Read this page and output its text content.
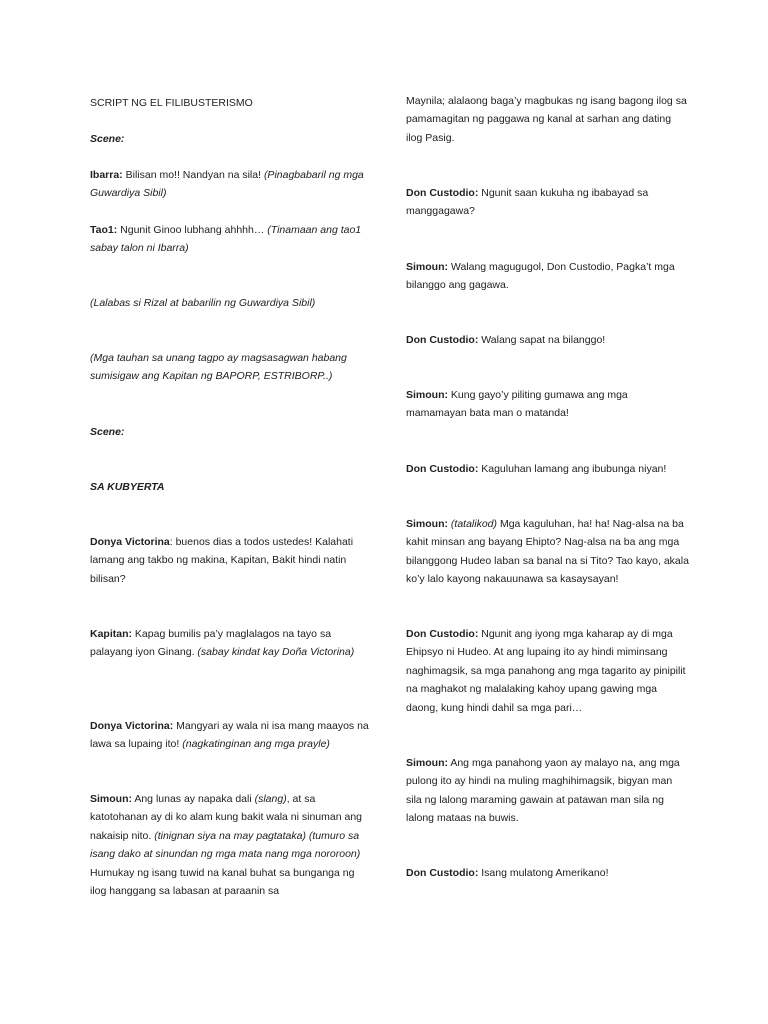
SCRIPT NG EL FILIBUSTERISMO

Scene:

Ibarra: Bilisan mo!! Nandyan na sila! (Pinagbabaril ng mga Guwardiya Sibil)

Tao1: Ngunit Ginoo lubhang ahhhh… (Tinamaan ang tao1 sabay talon ni Ibarra)

(Lalabas si Rizal at babarilin ng Guwardiya Sibil)

(Mga tauhan sa unang tagpo ay magsasagwan habang sumisigaw ang Kapitan ng BAPORP, ESTRIBORP..)

Scene:

SA KUBYERTA

Donya Victorina: buenos dias a todos ustedes! Kalahati lamang ang takbo ng makina, Kapitan, Bakit hindi natin bilisan?

Kapitan: Kapag bumilis pa’y maglalagos na tayo sa palayang iyon Ginang. (sabay kindat kay Doña Victorina)

Donya Victorina: Mangyari ay wala ni isa mang maayos na lawa sa lupaing ito! (nagkatinginan ang mga prayle)

Simoun: Ang lunas ay napaka dali (slang), at sa katotohanan ay di ko alam kung bakit wala ni sinuman ang nakaisip nito. (tinignan siya na may pagtataka) (tumuro sa isang dako at sinundan ng mga mata nang mga nororoon) Humukay ng isang tuwid na kanal buhat sa bunganga ng ilog hanggang sa labasan at paraanin sa

Maynila; alalaong baga’y magbukas ng isang bagong ilog sa pamamagitan ng paggawa ng kanal at sarhan ang dating ilog Pasig.

Don Custodio: Ngunit saan kukuha ng ibabayad sa manggagawa?

Simoun: Walang magugugol, Don Custodio, Pagka’t mga bilanggo ang gagawa.

Don Custodio: Walang sapat na bilanggo!

Simoun: Kung gayo’y piliting gumawa ang mga mamamayan bata man o matanda!

Don Custodio: Kaguluhan lamang ang ibubunga niyan!

Simoun: (tatalikod) Mga kaguluhan, ha! ha! Nag-alsa na ba kahit minsan ang bayang Ehipto? Nag-alsa na ba ang mga bilanggong Hudeo laban sa banal na si Tito? Tao kayo, akala ko’y lalo kayong nakauunawa sa kasaysayan!

Don Custodio: Ngunit ang iyong mga kaharap ay di mga Ehipsyo ni Hudeo. At ang lupaing ito ay hindi miminsang naghimagsik, sa mga panahong ang mga tagarito ay pinipilit na maghakot ng malalaking kahoy upang gawing mga daong, kung hindi dahil sa mga pari…

Simoun: Ang mga panahong yaon ay malayo na, ang mga pulong ito ay hindi na muling maghihimagsik, bigyan man sila ng lalong maraming gawain at patawan man sila ng lalong mataas na buwis.

Don Custodio: Isang mulatong Amerikano!
